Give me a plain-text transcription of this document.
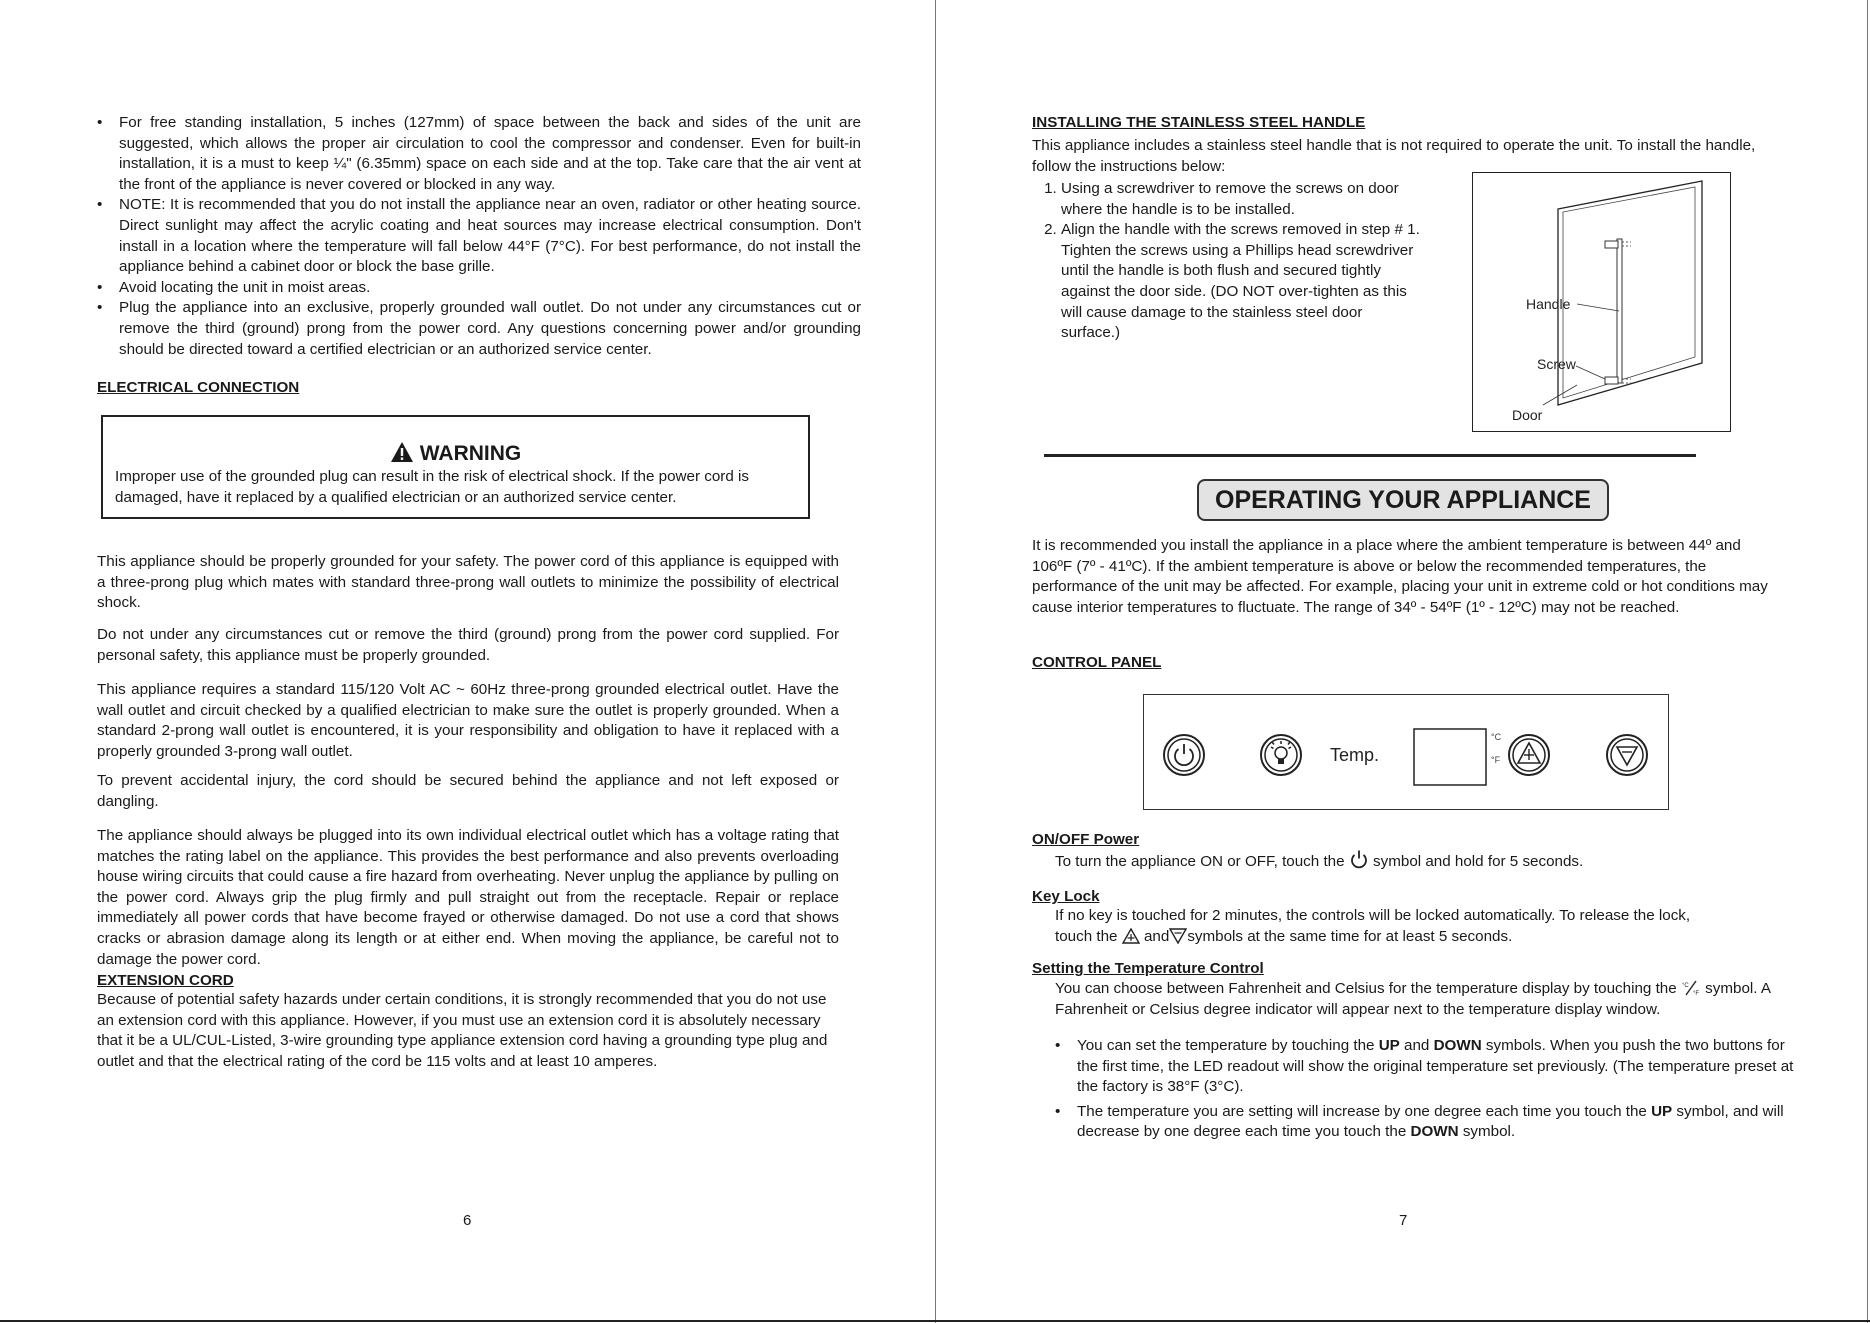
• For free standing installation, 5 inches (127mm) of space between the back and sides of the unit are suggested, which allows the proper air circulation to cool the compressor and condenser. Even for built-in installation, it is a must to keep ¼" (6.35mm) space on each side and at the top. Take care that the air vent at the front of the appliance is never covered or blocked in any way.
• NOTE: It is recommended that you do not install the appliance near an oven, radiator or other heating source. Direct sunlight may affect the acrylic coating and heat sources may increase electrical consumption. Don't install in a location where the temperature will fall below 44°F (7°C). For best performance, do not install the appliance behind a cabinet door or block the base grille.
• Avoid locating the unit in moist areas.
• Plug the appliance into an exclusive, properly grounded wall outlet. Do not under any circumstances cut or remove the third (ground) prong from the power cord. Any questions concerning power and/or grounding should be directed toward a certified electrician or an authorized service center.
ELECTRICAL CONNECTION
WARNING
Improper use of the grounded plug can result in the risk of electrical shock. If the power cord is damaged, have it replaced by a qualified electrician or an authorized service center.
This appliance should be properly grounded for your safety. The power cord of this appliance is equipped with a three-prong plug which mates with standard three-prong wall outlets to minimize the possibility of electrical shock.
Do not under any circumstances cut or remove the third (ground) prong from the power cord supplied. For personal safety, this appliance must be properly grounded.
This appliance requires a standard 115/120 Volt AC ~ 60Hz three-prong grounded electrical outlet. Have the wall outlet and circuit checked by a qualified electrician to make sure the outlet is properly grounded. When a standard 2-prong wall outlet is encountered, it is your responsibility and obligation to have it replaced with a properly grounded 3-prong wall outlet.
To prevent accidental injury, the cord should be secured behind the appliance and not left exposed or dangling.
The appliance should always be plugged into its own individual electrical outlet which has a voltage rating that matches the rating label on the appliance. This provides the best performance and also prevents overloading house wiring circuits that could cause a fire hazard from overheating. Never unplug the appliance by pulling on the power cord. Always grip the plug firmly and pull straight out from the receptacle. Repair or replace immediately all power cords that have become frayed or otherwise damaged. Do not use a cord that shows cracks or abrasion damage along its length or at either end. When moving the appliance, be careful not to damage the power cord.
EXTENSION CORD
Because of potential safety hazards under certain conditions, it is strongly recommended that you do not use an extension cord with this appliance. However, if you must use an extension cord it is absolutely necessary that it be a UL/CUL-Listed, 3-wire grounding type appliance extension cord having a grounding type plug and outlet and that the electrical rating of the cord be 115 volts and at least 10 amperes.
6
INSTALLING THE STAINLESS STEEL HANDLE
This appliance includes a stainless steel handle that is not required to operate the unit. To install the handle, follow the instructions below:
1. Using a screwdriver to remove the screws on door where the handle is to be installed.
2. Align the handle with the screws removed in step # 1. Tighten the screws using a Phillips head screwdriver until the handle is both flush and secured tightly against the door side. (DO NOT over-tighten as this will cause damage to the stainless steel door surface.)
Handle
Screw
Door
OPERATING YOUR APPLIANCE
It is recommended you install the appliance in a place where the ambient temperature is between 44º and 106ºF (7º - 41ºC). If the ambient temperature is above or below the recommended temperatures, the performance of the unit may be affected. For example, placing your unit in extreme cold or hot conditions may cause interior temperatures to fluctuate. The range of 34º - 54ºF (1º - 12ºC) may not be reached.
CONTROL PANEL
Temp.
°C
°F
ON/OFF Power
To turn the appliance ON or OFF, touch the symbol and hold for 5 seconds.
Key Lock
If no key is touched for 2 minutes, the controls will be locked automatically. To release the lock,
touch the and symbols at the same time for at least 5 seconds.
Setting the Temperature Control
You can choose between Fahrenheit and Celsius for the temperature display by touching the °C
°F symbol. A Fahrenheit or Celsius degree indicator will appear next to the temperature display window.
• You can set the temperature by touching the UP and DOWN symbols. When you push the two buttons for the first time, the LED readout will show the original temperature set previously. (The temperature preset at the factory is 38°F (3°C).
• The temperature you are setting will increase by one degree each time you touch the UP symbol, and will decrease by one degree each time you touch the DOWN symbol.
7
